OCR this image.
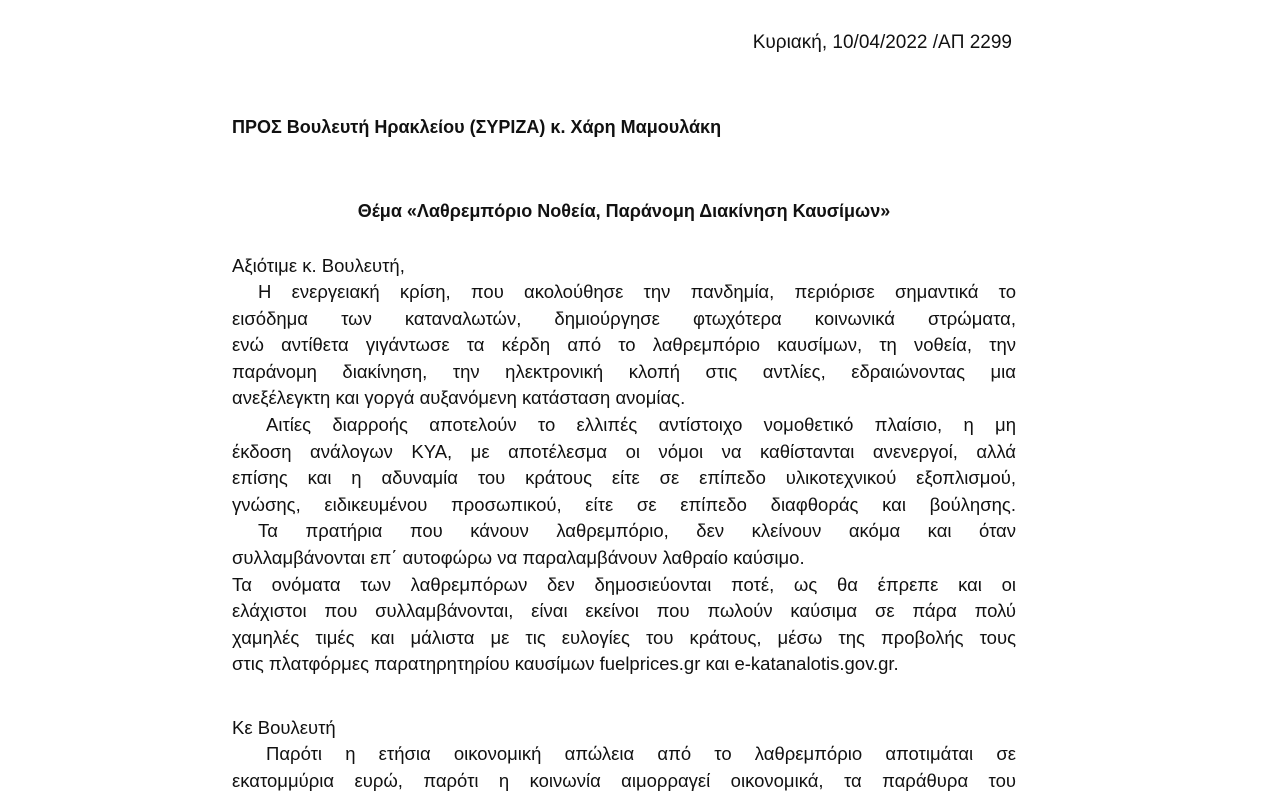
Κυριακή, 10/04/2022 /ΑΠ 2299
ΠΡΟΣ Βουλευτή Ηρακλείου (ΣΥΡΙΖΑ) κ. Χάρη Μαμουλάκη
Θέμα «Λαθρεμπόριο Νοθεία, Παράνομη Διακίνηση Καυσίμων»
Αξιότιμε κ. Βουλευτή,
Η ενεργειακή κρίση, που ακολούθησε την πανδημία, περιόρισε σημαντικά το
εισόδημα των καταναλωτών, δημιούργησε φτωχότερα κοινωνικά στρώματα,
ενώ αντίθετα γιγάντωσε τα κέρδη από το λαθρεμπόριο καυσίμων, τη νοθεία, την
παράνομη διακίνηση, την ηλεκτρονική κλοπή στις αντλίες, εδραιώνοντας μια
ανεξέλεγκτη και γοργά αυξανόμενη κατάσταση ανομίας.
Αιτίες διαρροής αποτελούν το ελλιπές αντίστοιχο νομοθετικό πλαίσιο, η μη
έκδοση ανάλογων ΚΥΑ, με αποτέλεσμα οι νόμοι να καθίστανται ανενεργοί, αλλά
επίσης και η αδυναμία του κράτους είτε σε επίπεδο υλικοτεχνικού εξοπλισμού,
γνώσης, ειδικευμένου προσωπικού, είτε σε επίπεδο διαφθοράς και βούλησης.
Τα πρατήρια που κάνουν λαθρεμπόριο, δεν κλείνουν ακόμα και όταν
συλλαμβάνονται επ΄ αυτοφώρω να παραλαμβάνουν λαθραίο καύσιμο.
Τα ονόματα των λαθρεμπόρων δεν δημοσιεύονται ποτέ, ως θα έπρεπε και οι
ελάχιστοι που συλλαμβάνονται, είναι εκείνοι που πωλούν καύσιμα σε πάρα πολύ
χαμηλές τιμές και μάλιστα με τις ευλογίες του κράτους, μέσω της προβολής τους
στις πλατφόρμες παρατηρητηρίου καυσίμων fuelprices.gr και e-katanalotis.gov.gr.
Κε Βουλευτή
Παρότι η ετήσια οικονομική απώλεια από το λαθρεμπόριο αποτιμάται σε
εκατομμύρια ευρώ, παρότι η κοινωνία αιμορραγεί οικονομικά, τα παράθυρα του
